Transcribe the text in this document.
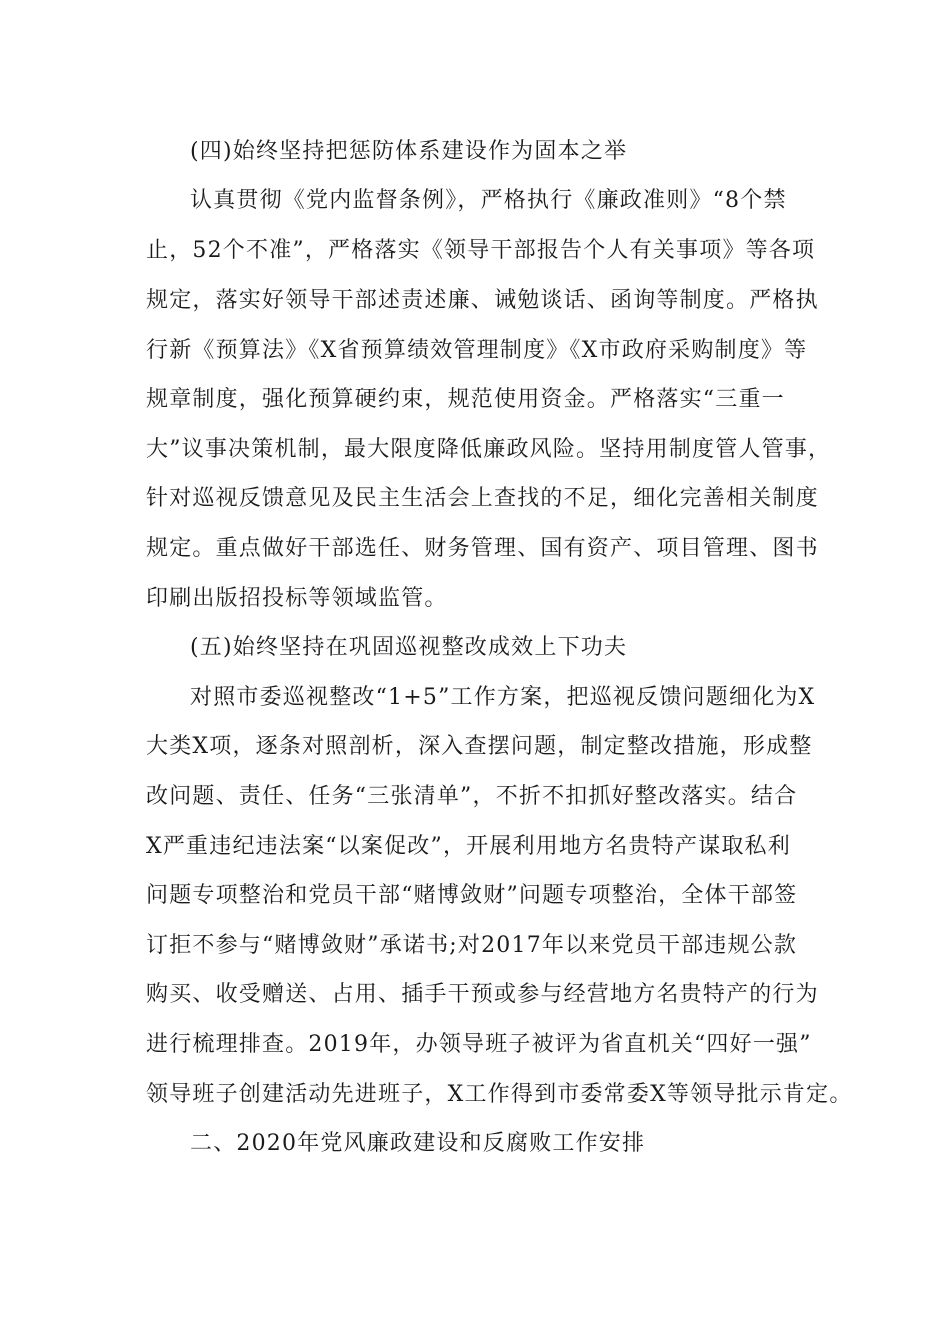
(四)始终坚持把惩防体系建设作为固本之举
认真贯彻《党内监督条例》，严格执行《廉政准则》“8个禁
止，52个不准”，严格落实《领导干部报告个人有关事项》等各项
规定，落实好领导干部述责述廉、诫勉谈话、函询等制度。严格执
行新《预算法》《X省预算绩效管理制度》《X市政府采购制度》等
规章制度，强化预算硬约束，规范使用资金。严格落实“三重一
大”议事决策机制，最大限度降低廉政风险。坚持用制度管人管事，
针对巡视反馈意见及民主生活会上查找的不足，细化完善相关制度
规定。重点做好干部选任、财务管理、国有资产、项目管理、图书
印刷出版招投标等领域监管。
(五)始终坚持在巩固巡视整改成效上下功夫
对照市委巡视整改“1+5”工作方案，把巡视反馈问题细化为X
大类X项，逐条对照剖析，深入查摆问题，制定整改措施，形成整
改问题、责任、任务“三张清单”，不折不扣抓好整改落实。结合
X严重违纪违法案“以案促改”，开展利用地方名贵特产谋取私利
问题专项整治和党员干部“赌博敛财”问题专项整治，全体干部签
订拒不参与“赌博敛财”承诺书;对2017年以来党员干部违规公款
购买、收受赠送、占用、插手干预或参与经营地方名贵特产的行为
进行梳理排查。2019年，办领导班子被评为省直机关“四好一强”
领导班子创建活动先进班子，X工作得到市委常委X等领导批示肯定。
二、2020年党风廉政建设和反腐败工作安排
